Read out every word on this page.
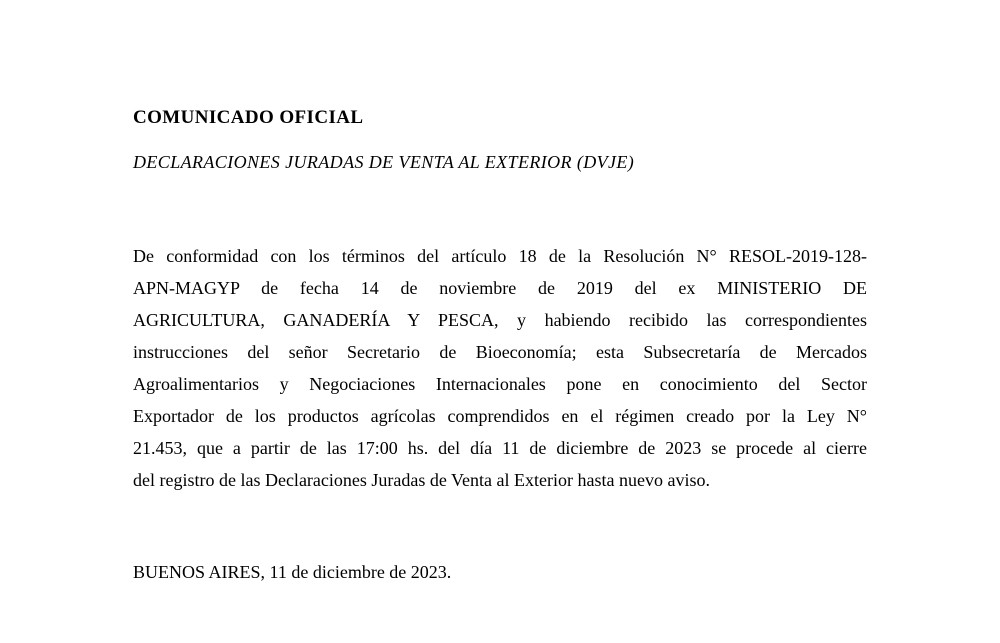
COMUNICADO OFICIAL
DECLARACIONES JURADAS DE VENTA AL EXTERIOR (DVJE)
De conformidad con los términos del artículo 18 de la Resolución N° RESOL-2019-128-
APN-MAGYP de fecha 14 de noviembre de 2019 del ex MINISTERIO DE
AGRICULTURA, GANADERÍA Y PESCA, y habiendo recibido las correspondientes
instrucciones del señor Secretario de Bioeconomía; esta Subsecretaría de Mercados
Agroalimentarios y Negociaciones Internacionales pone en conocimiento del Sector
Exportador de los productos agrícolas comprendidos en el régimen creado por la Ley N°
21.453, que a partir de las 17:00 hs. del día 11 de diciembre de 2023 se procede al cierre
del registro de las Declaraciones Juradas de Venta al Exterior hasta nuevo aviso.
BUENOS AIRES, 11 de diciembre de 2023.
